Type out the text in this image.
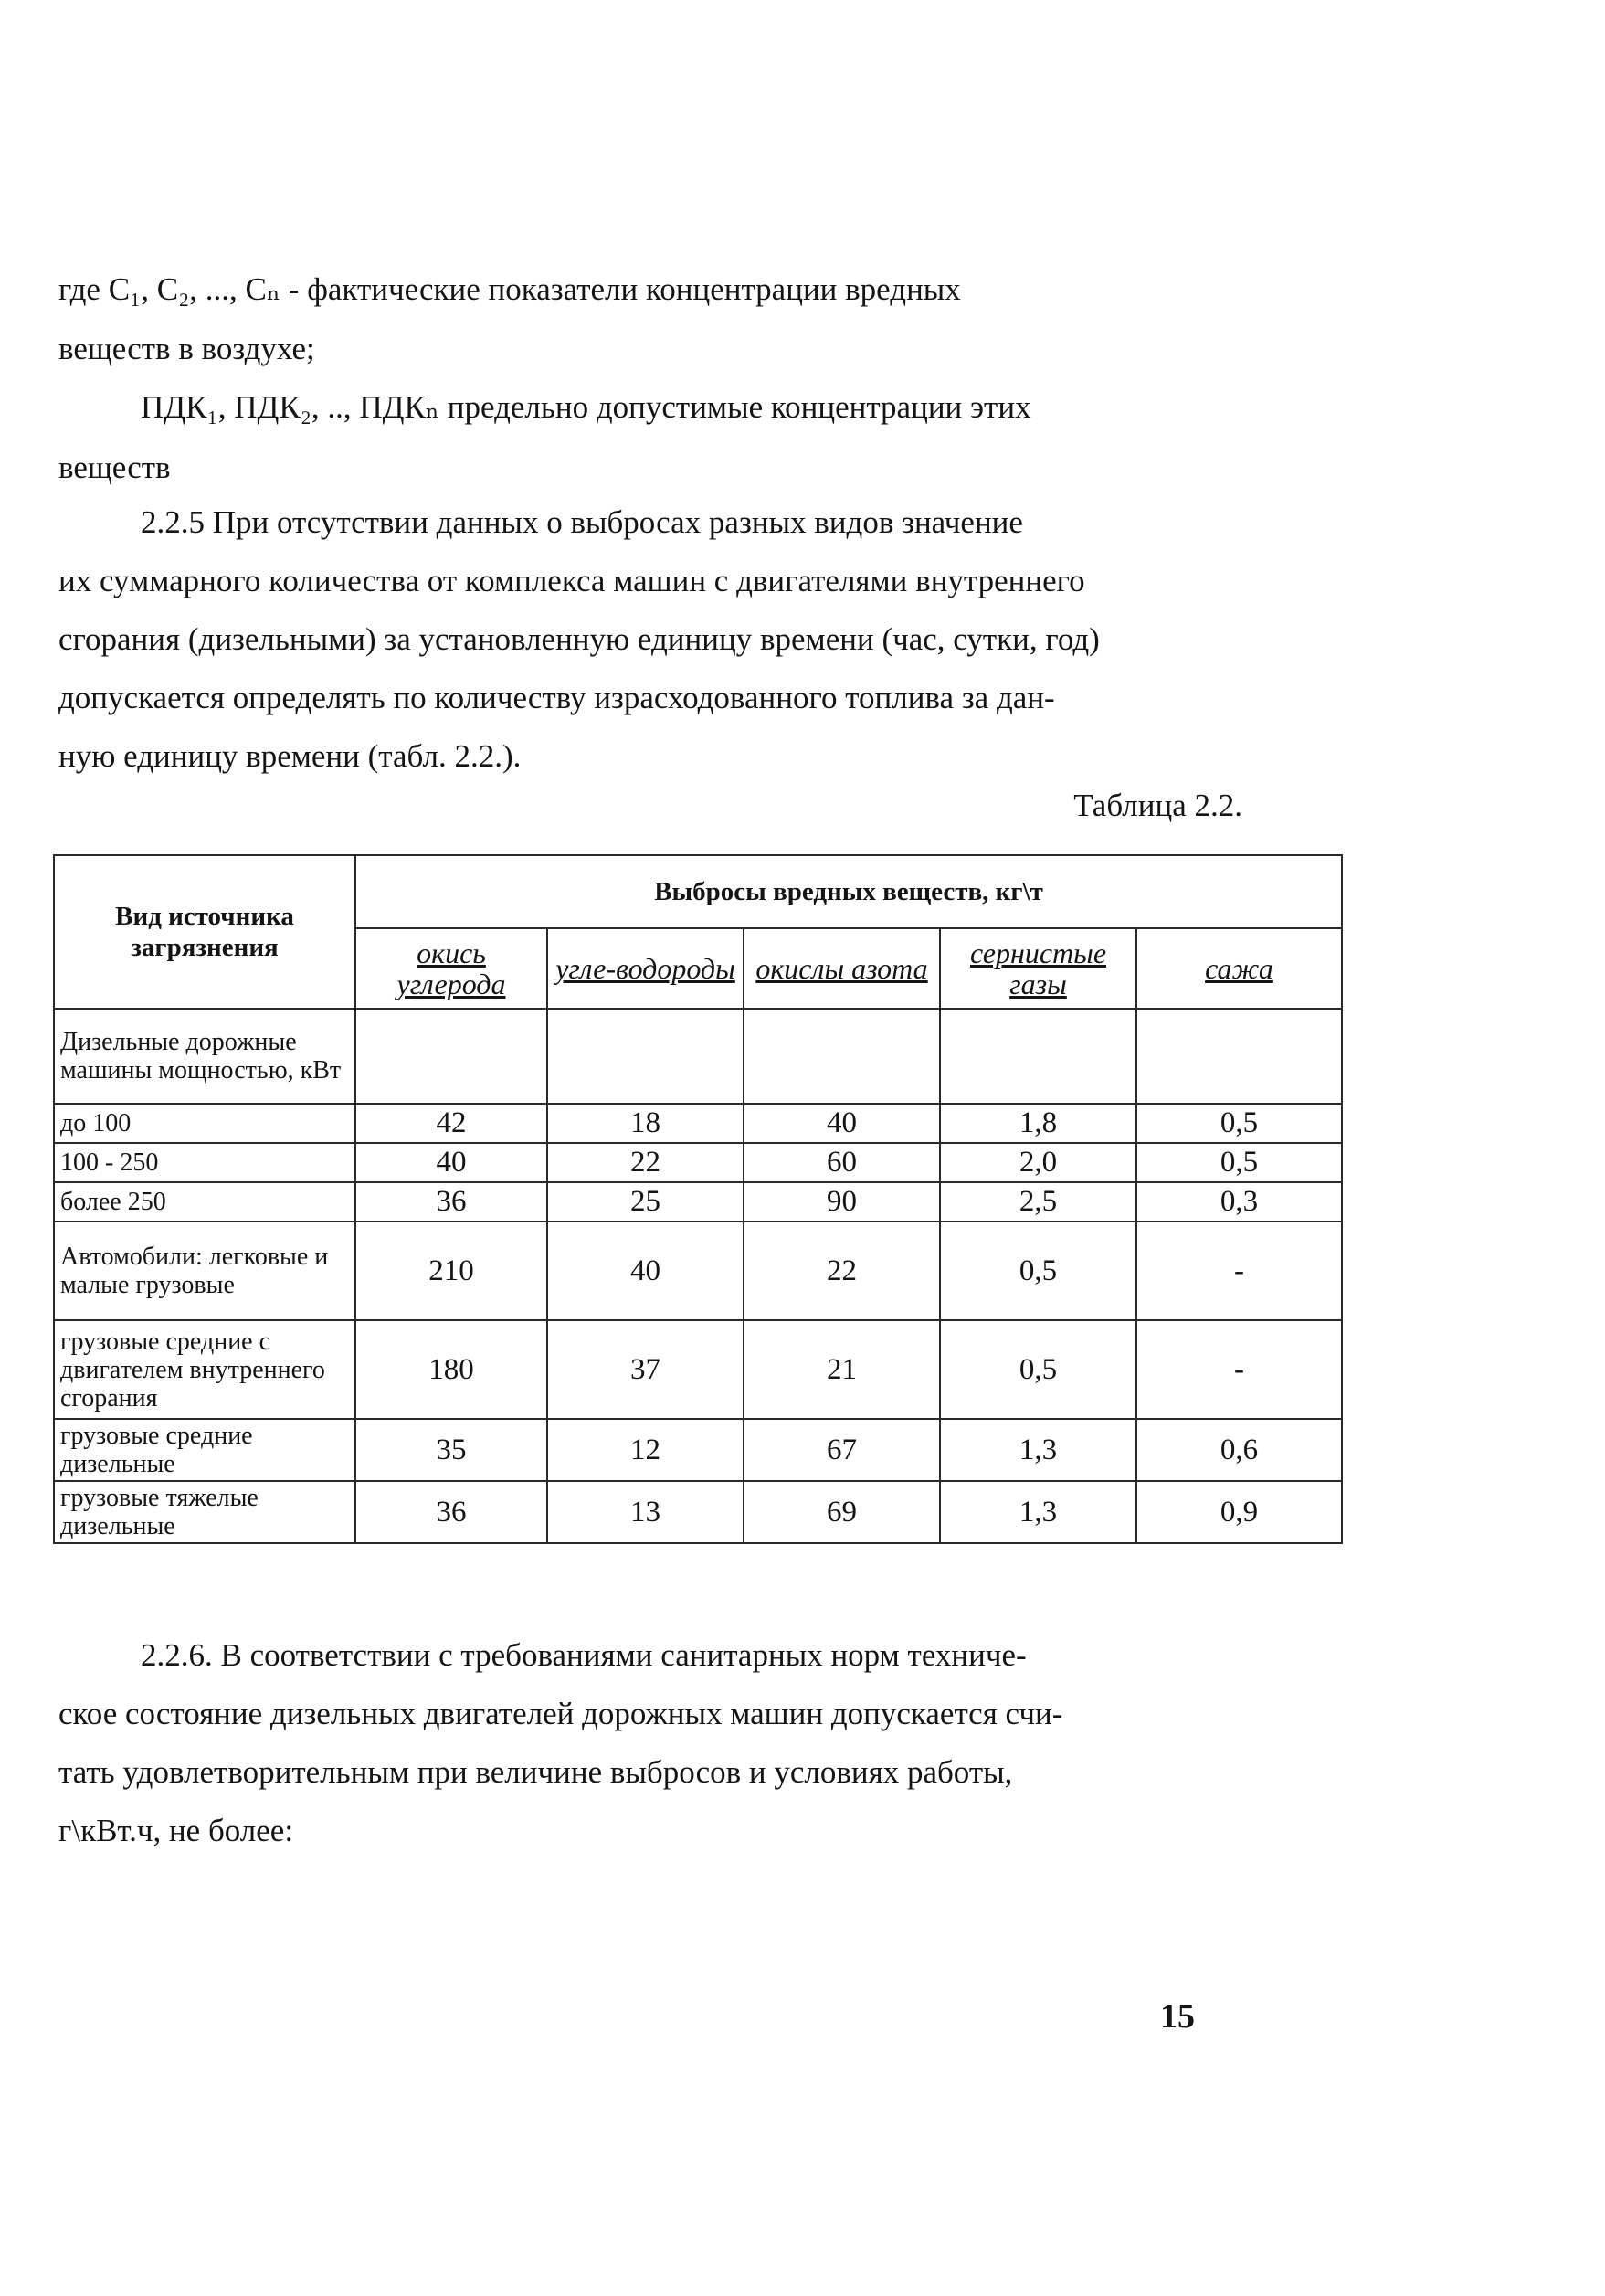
где C₁, C₂, ..., Cₙ - фактические показатели концентрации вредных
веществ в воздухе;
ПДК₁, ПДК₂, .., ПДКₙ предельно допустимые концентрации этих
веществ
2.2.5 При отсутствии данных о выбросах разных видов значение
их суммарного количества от комплекса машин с двигателями внутреннего
сгорания (дизельными) за установленную единицу времени (час, сутки, год)
допускается определять по количеству израсходованного топлива за дан-
ную единицу времени (табл. 2.2.).
Таблица 2.2.
Вид источника загрязнения	Выбросы вредных веществ, кг\т				
	окись углерода	угле-водороды	окислы азота	сернистые газы	сажа
Дизельные дорожные машины мощностью, кВт					
до 100	42	18	40	1,8	0,5
100 - 250	40	22	60	2,0	0,5
более 250	36	25	90	2,5	0,3
Автомобили: легковые и малые грузовые	210	40	22	0,5	-
грузовые средние с двигателем внутреннего сгорания	180	37	21	0,5	-
грузовые средние дизельные	35	12	67	1,3	0,6
грузовые тяжелые дизельные	36	13	69	1,3	0,9
2.2.6. В соответствии с требованиями санитарных норм техниче-
ское состояние дизельных двигателей дорожных машин допускается счи-
тать удовлетворительным при величине выбросов и условиях работы,
г\кВт.ч, не более:
15
